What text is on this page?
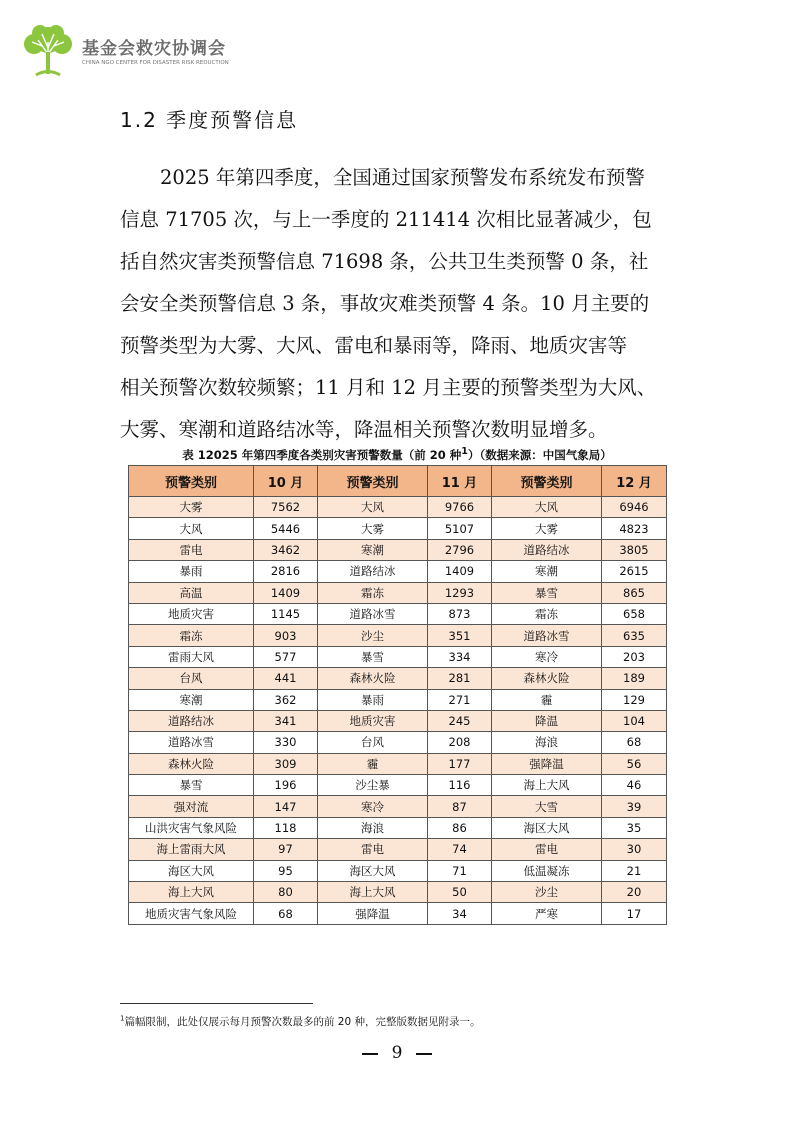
基金会救灾协调会
CHINA NGO CENTER FOR DISASTER RISK REDUCTION
1.2 季度预警信息

2025 年第四季度，全国通过国家预警发布系统发布预警
信息 71705 次，与上一季度的 211414 次相比显著减少，包
括自然灾害类预警信息 71698 条，公共卫生类预警 0 条，社
会安全类预警信息 3 条，事故灾难类预警 4 条。10 月主要的
预警类型为大雾、大风、雷电和暴雨等，降雨、地质灾害等
相关预警次数较频繁；11 月和 12 月主要的预警类型为大风、
大雾、寒潮和道路结冰等，降温相关预警次数明显增多。

表 12025 年第四季度各类别灾害预警数量（前 20 种$^1$）（数据来源：中国气象局）
预警类别	10 月	预警类别	11 月	预警类别	12 月
大雾	7562	大风	9766	大风	6946
大风	5446	大雾	5107	大雾	4823
雷电	3462	寒潮	2796	道路结冰	3805
暴雨	2816	道路结冰	1409	寒潮	2615
高温	1409	霜冻	1293	暴雪	865
地质灾害	1145	道路冰雪	873	霜冻	658
霜冻	903	沙尘	351	道路冰雪	635
雷雨大风	577	暴雪	334	寒冷	203
台风	441	森林火险	281	森林火险	189
寒潮	362	暴雨	271	霾	129
道路结冰	341	地质灾害	245	降温	104
道路冰雪	330	台风	208	海浪	68
森林火险	309	霾	177	强降温	56
暴雪	196	沙尘暴	116	海上大风	46
强对流	147	寒冷	87	大雪	39
山洪灾害气象风险	118	海浪	86	海区大风	35
海上雷雨大风	97	雷电	74	雷电	30
海区大风	95	海区大风	71	低温凝冻	21
海上大风	80	海上大风	50	沙尘	20
地质灾害气象风险	68	强降温	34	严寒	17
$^1$篇幅限制，此处仅展示每月预警次数最多的前 20 种，完整版数据见附录一。
9
